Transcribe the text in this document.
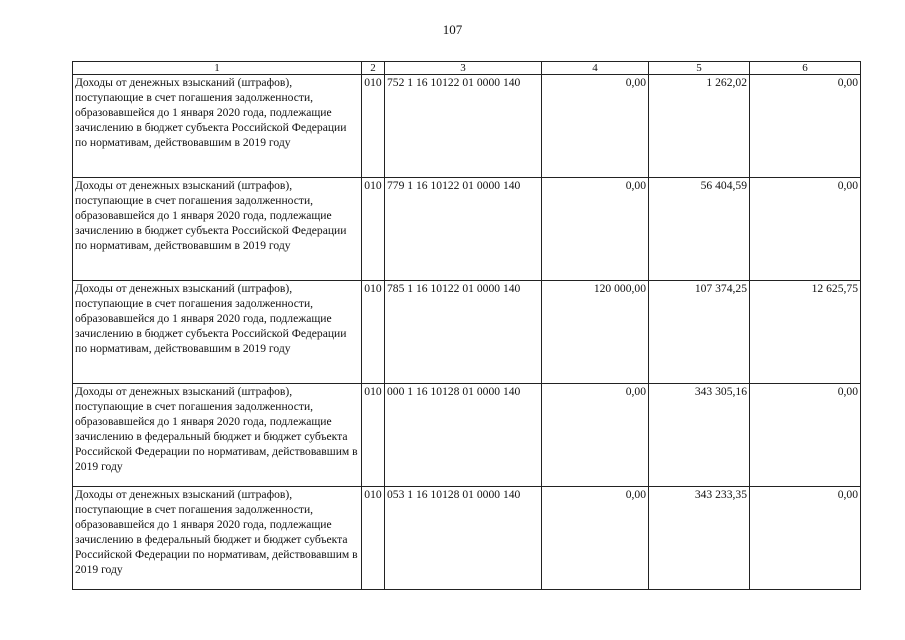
107
1	2	3	4	5	6
Доходы от денежных взысканий (штрафов), поступающие в счет погашения задолженности, образовавшейся до 1 января 2020 года, подлежащие зачислению в бюджет субъекта Российской Федерации по нормативам, действовавшим в 2019 году	010	752 1 16 10122 01 0000 140	0,00	1 262,02	0,00
Доходы от денежных взысканий (штрафов), поступающие в счет погашения задолженности, образовавшейся до 1 января 2020 года, подлежащие зачислению в бюджет субъекта Российской Федерации по нормативам, действовавшим в 2019 году	010	779 1 16 10122 01 0000 140	0,00	56 404,59	0,00
Доходы от денежных взысканий (штрафов), поступающие в счет погашения задолженности, образовавшейся до 1 января 2020 года, подлежащие зачислению в бюджет субъекта Российской Федерации по нормативам, действовавшим в 2019 году	010	785 1 16 10122 01 0000 140	120 000,00	107 374,25	12 625,75
Доходы от денежных взысканий (штрафов), поступающие в счет погашения задолженности, образовавшейся до 1 января 2020 года, подлежащие зачислению в федеральный бюджет и бюджет субъекта Российской Федерации по нормативам, действовавшим в 2019 году	010	000 1 16 10128 01 0000 140	0,00	343 305,16	0,00
Доходы от денежных взысканий (штрафов), поступающие в счет погашения задолженности, образовавшейся до 1 января 2020 года, подлежащие зачислению в федеральный бюджет и бюджет субъекта Российской Федерации по нормативам, действовавшим в 2019 году	010	053 1 16 10128 01 0000 140	0,00	343 233,35	0,00
